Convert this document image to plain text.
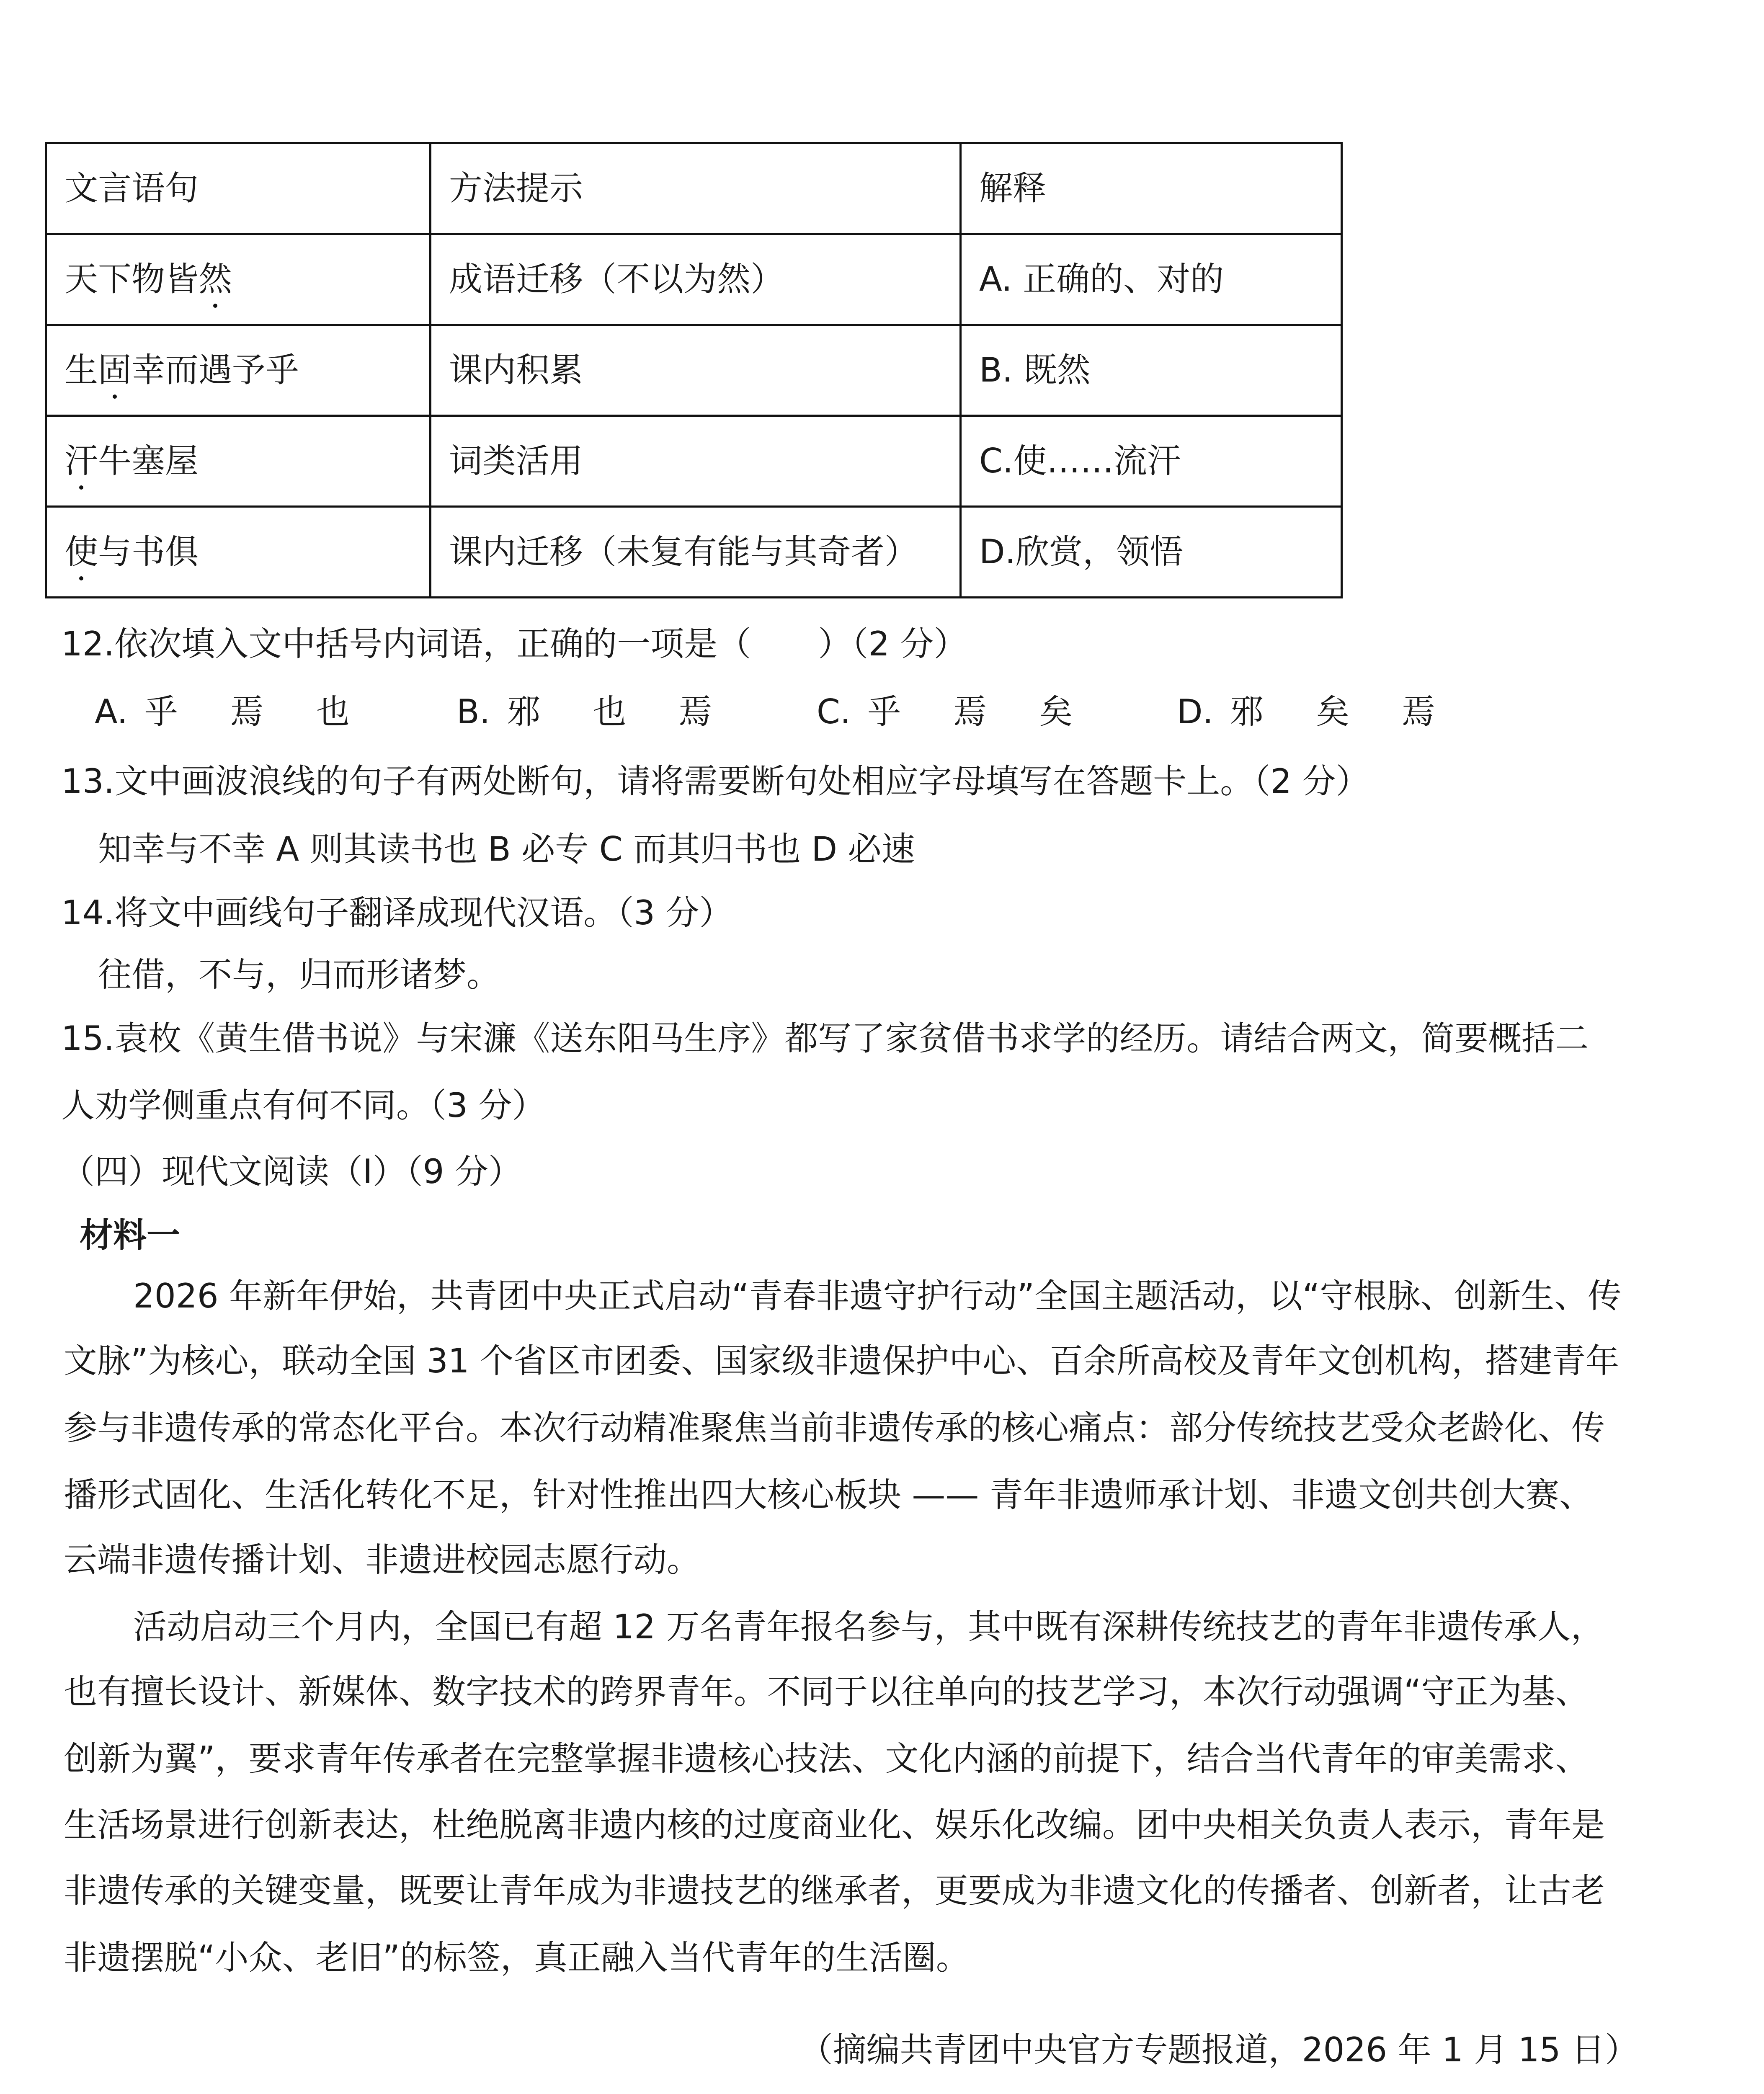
文言语句	方法提示	解释
天下物皆然	成语迁移（不以为然）	A. 正确的、对的
生固幸而遇予乎	课内积累	B. 既然
汗牛塞屋	词类活用	C.使……流汗
使与书俱	课内迁移（未复有能与其奇者）	D.欣赏，领悟
12.依次填入文中括号内词语，正确的一项是（　　）（2 分）
A. 乎 焉 也	B. 邪 也 焉	C. 乎 焉 矣	D. 邪 矣 焉
13.文中画波浪线的句子有两处断句，请将需要断句处相应字母填写在答题卡上。（2 分）
知幸与不幸 A 则其读书也 B 必专 C 而其归书也 D 必速
14.将文中画线句子翻译成现代汉语。（3 分）
往借，不与，归而形诸梦。
15.袁枚《黄生借书说》与宋濂《送东阳马生序》都写了家贫借书求学的经历。请结合两文，简要概括二
人劝学侧重点有何不同。（3 分）
（四）现代文阅读（I）（9 分）
材料一
2026 年新年伊始，共青团中央正式启动“青春非遗守护行动”全国主题活动，以“守根脉、创新生、传
文脉”为核心，联动全国 31 个省区市团委、国家级非遗保护中心、百余所高校及青年文创机构，搭建青年
参与非遗传承的常态化平台。本次行动精准聚焦当前非遗传承的核心痛点：部分传统技艺受众老龄化、传
播形式固化、生活化转化不足，针对性推出四大核心板块 —— 青年非遗师承计划、非遗文创共创大赛、
云端非遗传播计划、非遗进校园志愿行动。
活动启动三个月内，全国已有超 12 万名青年报名参与，其中既有深耕传统技艺的青年非遗传承人，
也有擅长设计、新媒体、数字技术的跨界青年。不同于以往单向的技艺学习，本次行动强调“守正为基、
创新为翼”，要求青年传承者在完整掌握非遗核心技法、文化内涵的前提下，结合当代青年的审美需求、
生活场景进行创新表达，杜绝脱离非遗内核的过度商业化、娱乐化改编。团中央相关负责人表示，青年是
非遗传承的关键变量，既要让青年成为非遗技艺的继承者，更要成为非遗文化的传播者、创新者，让古老
非遗摆脱“小众、老旧”的标签，真正融入当代青年的生活圈。
（摘编共青团中央官方专题报道，2026 年 1 月 15 日）
